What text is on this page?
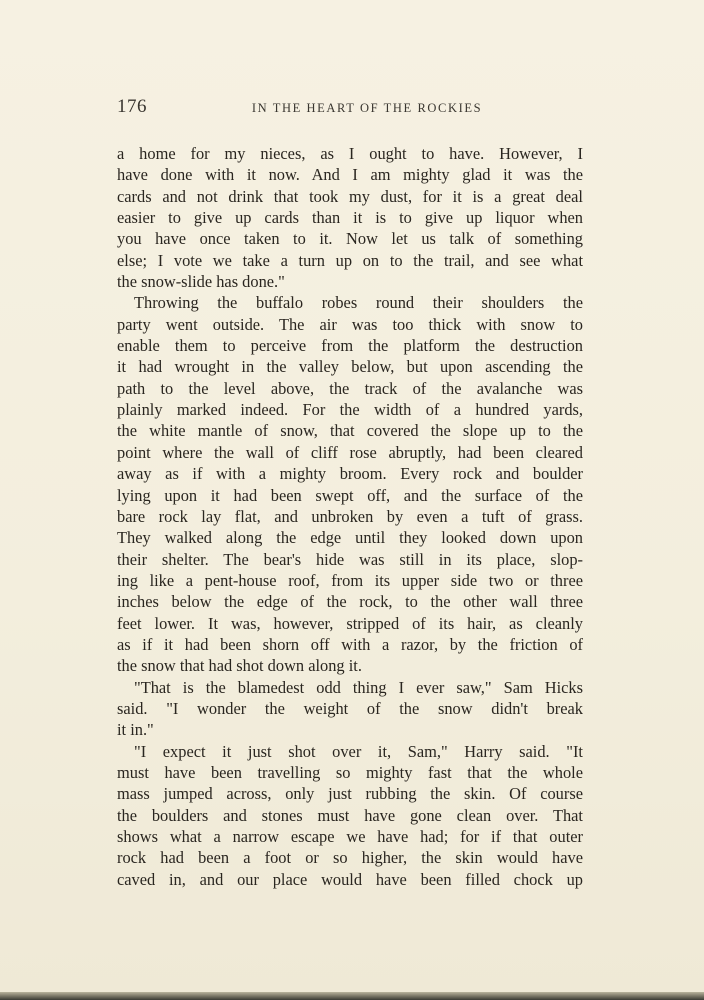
176	IN THE HEART OF THE ROCKIES
a home for my nieces, as I ought to have. However, I
have done with it now. And I am mighty glad it was the
cards and not drink that took my dust, for it is a great deal
easier to give up cards than it is to give up liquor when
you have once taken to it. Now let us talk of something
else; I vote we take a turn up on to the trail, and see what
the snow-slide has done."
Throwing the buffalo robes round their shoulders the
party went outside. The air was too thick with snow to
enable them to perceive from the platform the destruction
it had wrought in the valley below, but upon ascending the
path to the level above, the track of the avalanche was
plainly marked indeed. For the width of a hundred yards,
the white mantle of snow, that covered the slope up to the
point where the wall of cliff rose abruptly, had been cleared
away as if with a mighty broom. Every rock and boulder
lying upon it had been swept off, and the surface of the
bare rock lay flat, and unbroken by even a tuft of grass.
They walked along the edge until they looked down upon
their shelter. The bear's hide was still in its place, slop-
ing like a pent-house roof, from its upper side two or three
inches below the edge of the rock, to the other wall three
feet lower. It was, however, stripped of its hair, as cleanly
as if it had been shorn off with a razor, by the friction of
the snow that had shot down along it.
"That is the blamedest odd thing I ever saw," Sam Hicks
said. "I wonder the weight of the snow didn't break
it in."
"I expect it just shot over it, Sam," Harry said. "It
must have been travelling so mighty fast that the whole
mass jumped across, only just rubbing the skin. Of course
the boulders and stones must have gone clean over. That
shows what a narrow escape we have had; for if that outer
rock had been a foot or so higher, the skin would have
caved in, and our place would have been filled chock up
